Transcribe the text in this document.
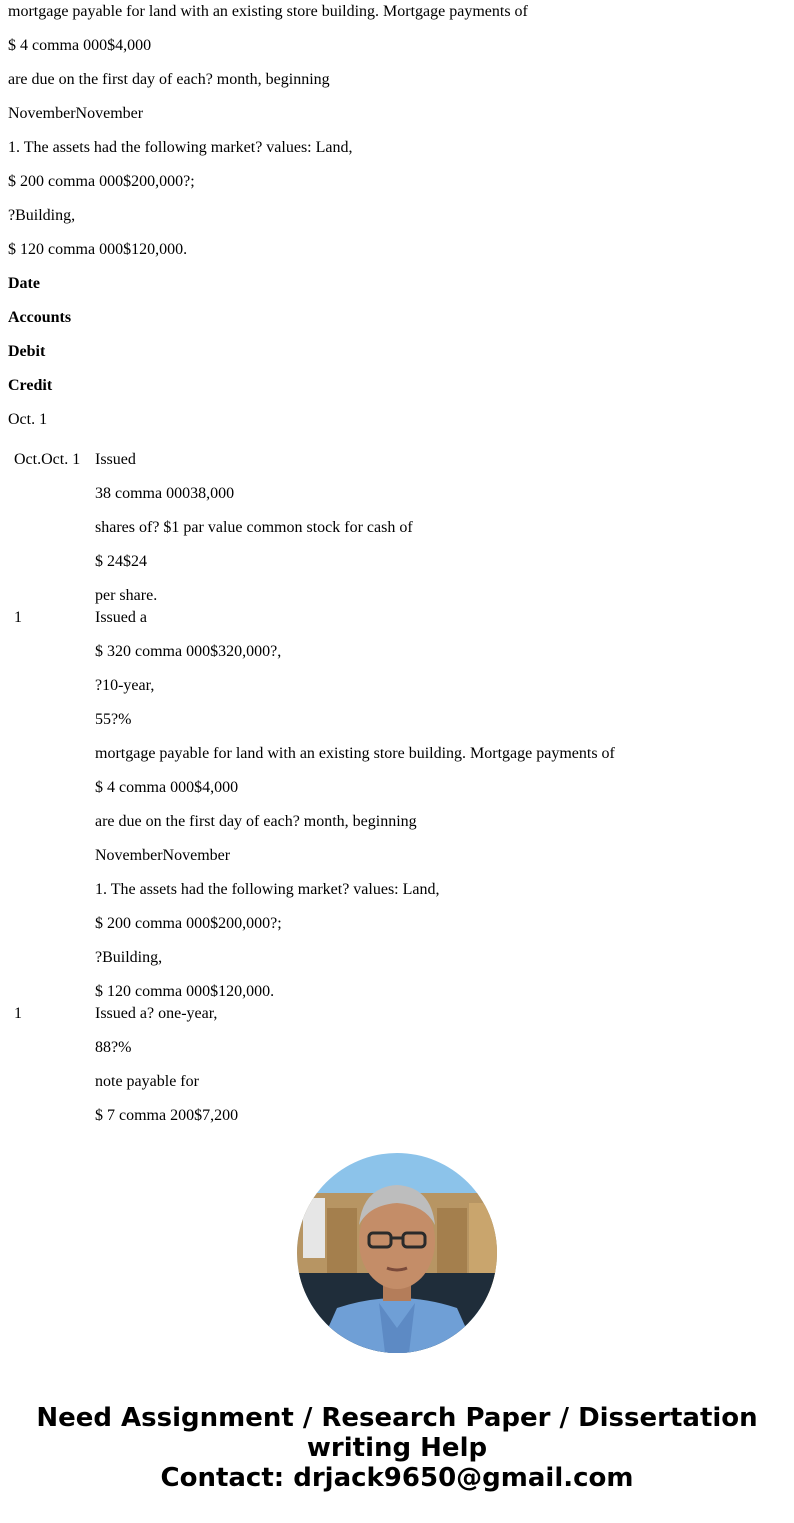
mortgage payable for land with an existing store building. Mortgage payments of

$ 4 comma 000$4,000

are due on the first day of each? month, beginning

NovemberNovember

1. The assets had the following market? values: Land,

$ 200 comma 000$200,000?;

?Building,

$ 120 comma 000$120,000.

Date

Accounts

Debit

Credit

Oct. 1

Oct.Oct. 1 Issued

38 comma 00038,000

shares of? $1 par value common stock for cash of

$ 24$24

per share.

1	Issued a

$ 320 comma 000$320,000?,

?10-year,

55?%

mortgage payable for land with an existing store building. Mortgage payments of

$ 4 comma 000$4,000

are due on the first day of each? month, beginning

NovemberNovember

1. The assets had the following market? values: Land,

$ 200 comma 000$200,000?;

?Building,

$ 120 comma 000$120,000.

1	Issued a? one-year,

88?%

note payable for

$ 7 comma 200$7,200

Need Assignment / Research Paper / Dissertation
writing Help
Contact: drjack9650@gmail.com
